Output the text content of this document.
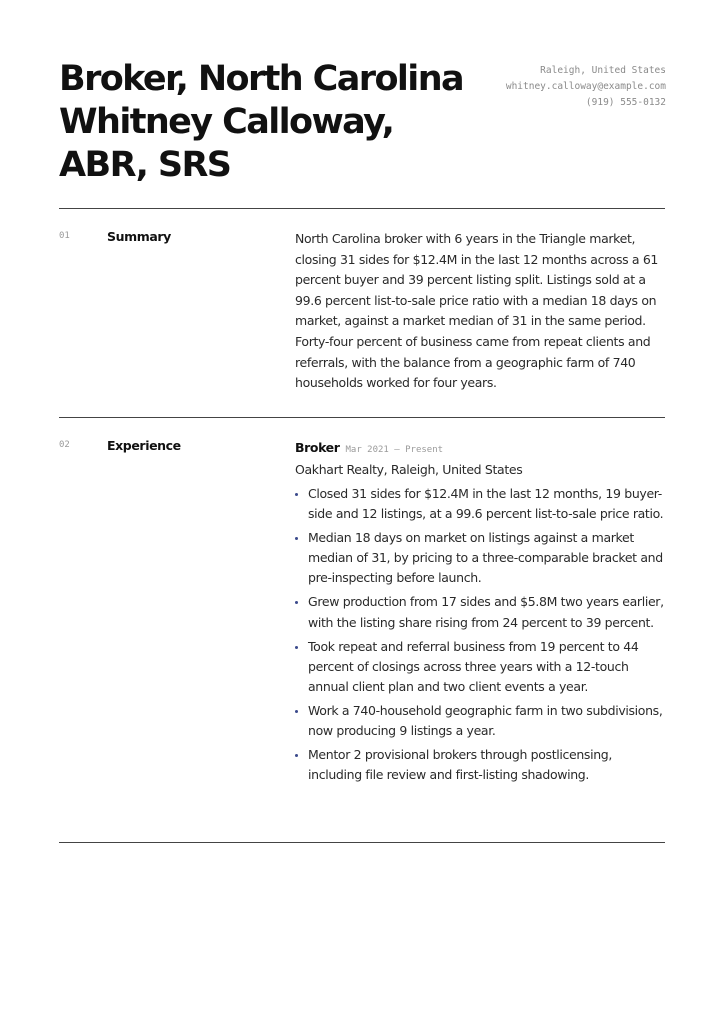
Broker, North Carolina Whitney Calloway, ABR, SRS
Raleigh, United States
whitney.calloway@example.com
(919) 555-0132
01	Summary	North Carolina broker with 6 years in the Triangle market, closing 31 sides for $12.4M in the last 12 months across a 61 percent buyer and 39 percent listing split. Listings sold at a 99.6 percent list-to-sale price ratio with a median 18 days on market, against a market median of 31 in the same period. Forty-four percent of business came from repeat clients and referrals, with the balance from a geographic farm of 740 households worked for four years.

02	Experience	Broker Mar 2021 — Present
Oakhart Realty, Raleigh, United States
Closed 31 sides for $12.4M in the last 12 months, 19 buyer-side and 12 listings, at a 99.6 percent list-to-sale price ratio.
Median 18 days on market on listings against a market median of 31, by pricing to a three-comparable bracket and pre-inspecting before launch.
Grew production from 17 sides and $5.8M two years earlier, with the listing share rising from 24 percent to 39 percent.
Took repeat and referral business from 19 percent to 44 percent of closings across three years with a 12-touch annual client plan and two client events a year.
Work a 740-household geographic farm in two subdivisions, now producing 9 listings a year.
Mentor 2 provisional brokers through postlicensing, including file review and first-listing shadowing.
